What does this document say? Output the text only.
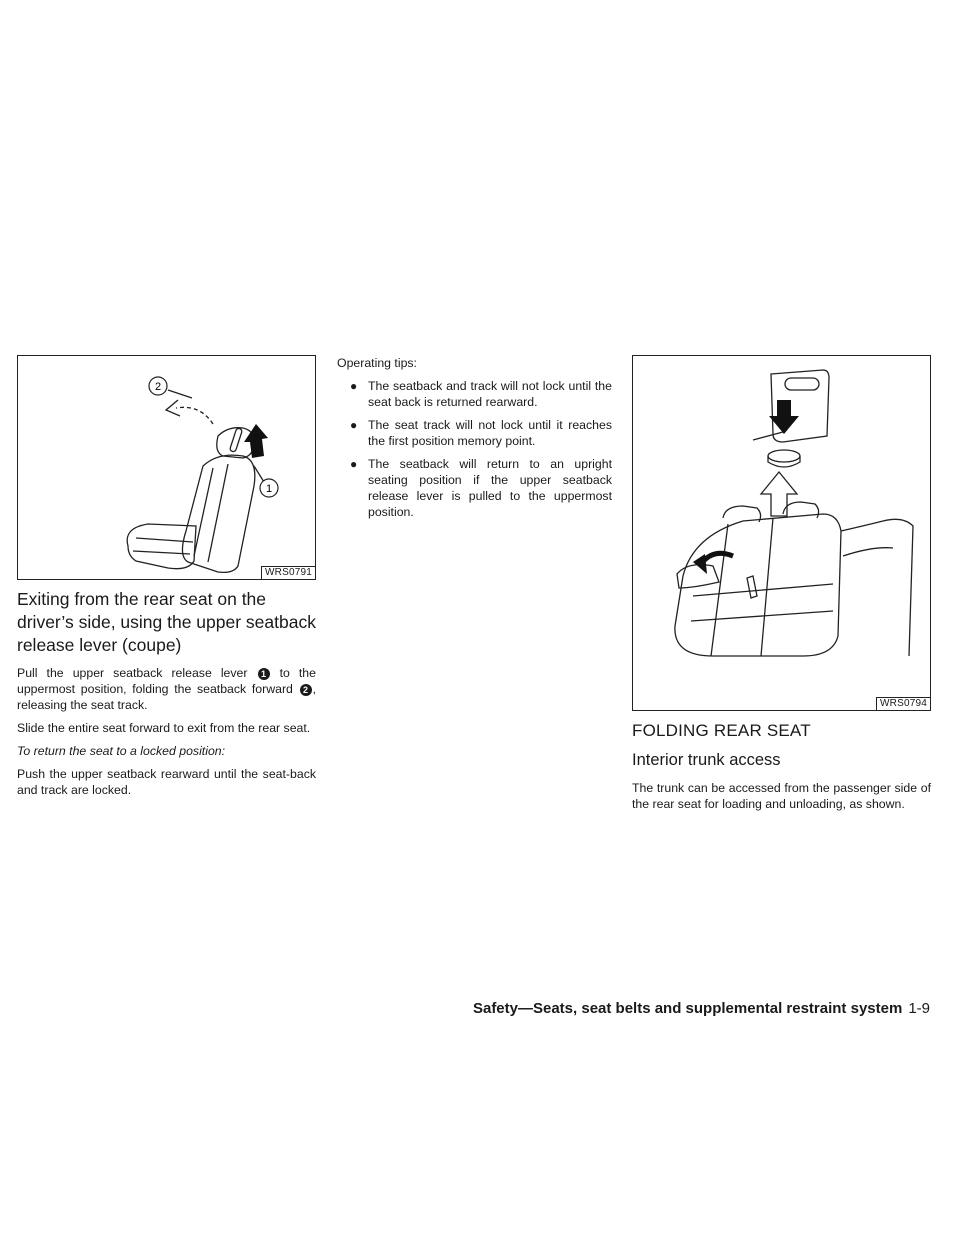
2
1
WRS0791
Exiting from the rear seat on the driver’s side, using the upper seatback release lever (coupe)

Pull the upper seatback release lever 1 to the uppermost position, folding the seatback forward 2 , releasing the seat track.

Slide the entire seat forward to exit from the rear seat.

To return the seat to a locked position:

Push the upper seatback rearward until the seat-back and track are locked.

Operating tips:

● The seatback and track will not lock until the seat back is returned rearward.
● The seat track will not lock until it reaches the first position memory point.
● The seatback will return to an upright seating position if the upper seatback release lever is pulled to the uppermost position.
WRS0794
FOLDING REAR SEAT
Interior trunk access

The trunk can be accessed from the passenger side of the rear seat for loading and unloading, as shown.

Safety—Seats, seat belts and supplemental restraint system 1-9
